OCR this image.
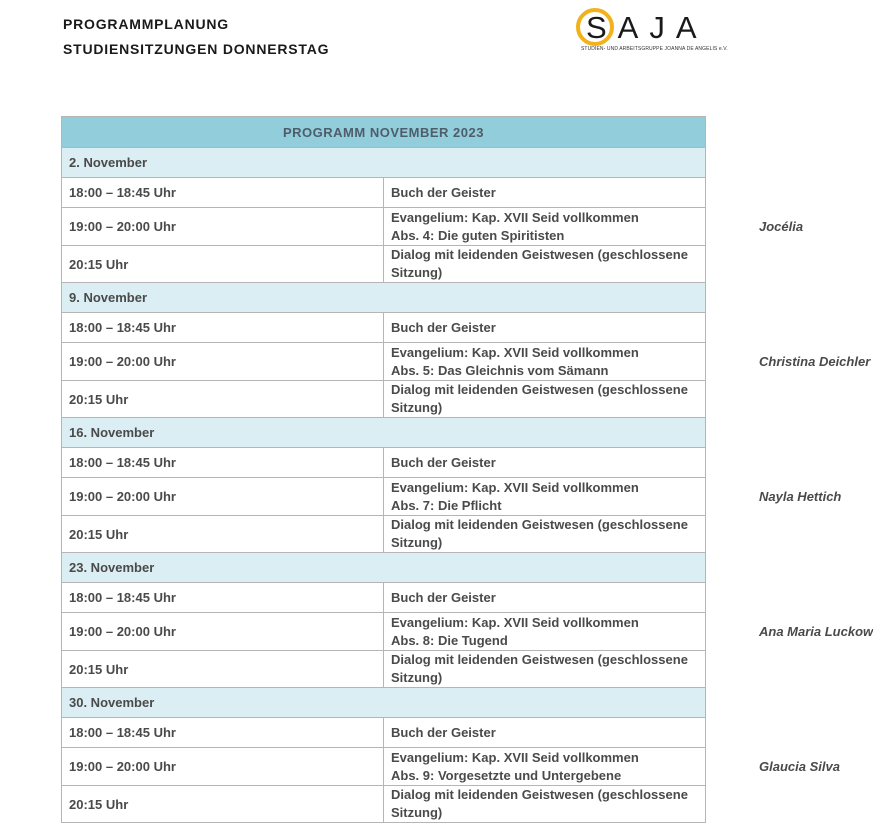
PROGRAMMPLANUNG
STUDIENSITZUNGEN DONNERSTAG
SAJA
STUDIEN- UND ARBEITSGRUPPE JOANNA DE ANGELIS e.V.
PROGRAMM NOVEMBER 2023	
2. November	
18:00 – 18:45 Uhr	Buch der Geister

19:00 – 20:00 Uhr	Evangelium: Kap. XVII Seid vollkommen
Abs. 4: Die guten Spiritisten
Jocélia

20:15 Uhr	Dialog mit leidenden Geistwesen (geschlossene Sitzung)

9. November	
18:00 – 18:45 Uhr	Buch der Geister

19:00 – 20:00 Uhr	Evangelium: Kap. XVII Seid vollkommen
Abs. 5: Das Gleichnis vom Sämann
Christina Deichler

20:15 Uhr	Dialog mit leidenden Geistwesen (geschlossene Sitzung)

16. November	
18:00 – 18:45 Uhr	Buch der Geister

19:00 – 20:00 Uhr	Evangelium: Kap. XVII Seid vollkommen
Abs. 7: Die Pflicht
Nayla Hettich

20:15 Uhr	Dialog mit leidenden Geistwesen (geschlossene Sitzung)

23. November	
18:00 – 18:45 Uhr	Buch der Geister

19:00 – 20:00 Uhr	Evangelium: Kap. XVII Seid vollkommen
Abs. 8: Die Tugend
Ana Maria Luckow

20:15 Uhr	Dialog mit leidenden Geistwesen (geschlossene Sitzung)

30. November	
18:00 – 18:45 Uhr	Buch der Geister

19:00 – 20:00 Uhr	Evangelium: Kap. XVII Seid vollkommen
Abs. 9: Vorgesetzte und Untergebene
Glaucia Silva

20:15 Uhr	Dialog mit leidenden Geistwesen (geschlossene Sitzung)
